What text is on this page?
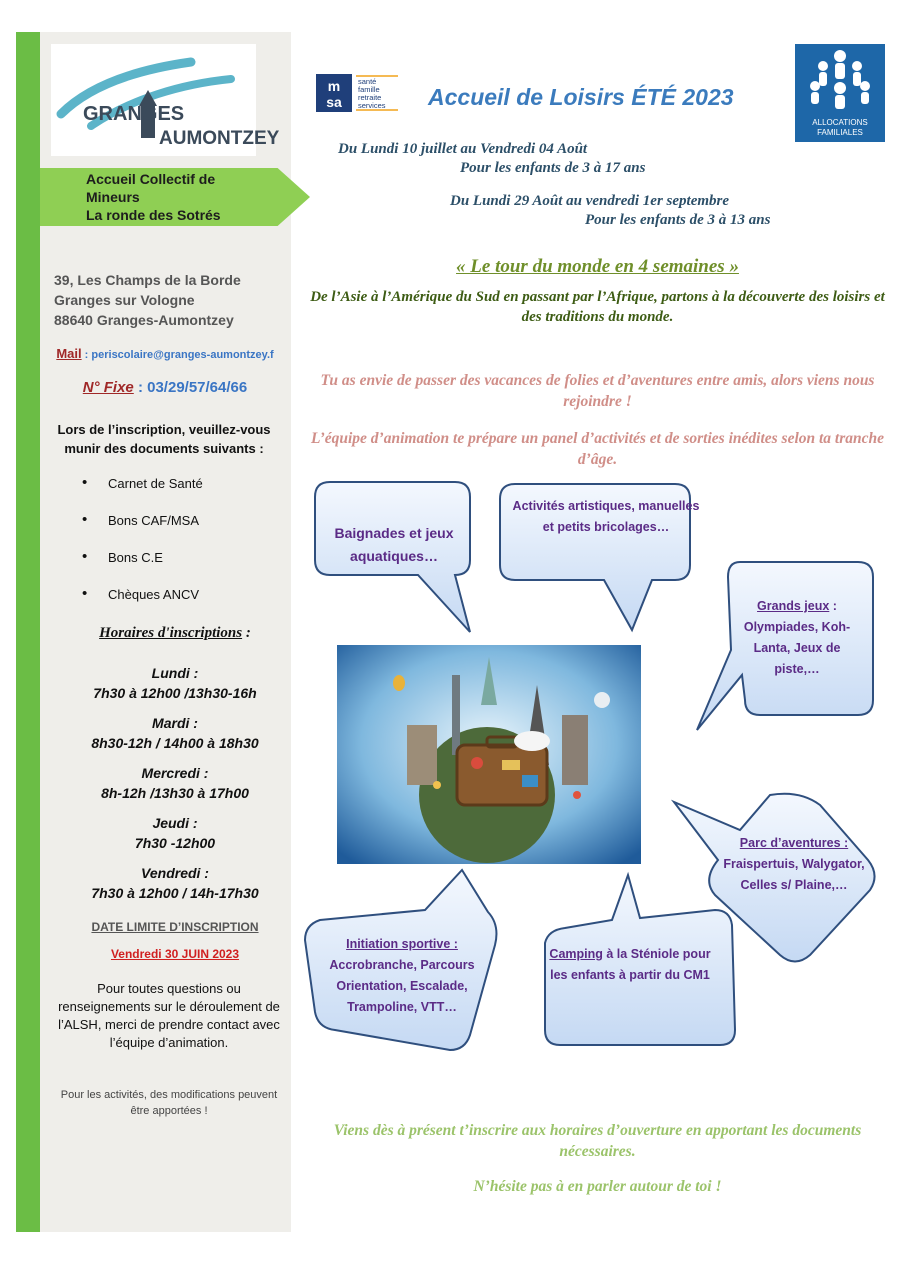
GRANGES
AUMONTZEY
Accueil Collectif de
Mineurs
La ronde des Sotrés
39, Les Champs de la Borde
Granges sur Vologne
88640 Granges-Aumontzey
Mail : periscolaire@granges-aumontzey.f
N° Fixe : 03/29/57/64/66
Lors de l’inscription, veuillez-vous munir des documents suivants :
• Carnet de Santé
• Bons CAF/MSA
• Bons C.E
• Chèques ANCV
Horaires d'inscriptions :
Lundi :
7h30 à 12h00 /13h30-16h
Mardi :
8h30-12h / 14h00 à 18h30
Mercredi :
8h-12h /13h30 à 17h00
Jeudi :
7h30 -12h00
Vendredi :
7h30 à 12h00 / 14h-17h30
DATE LIMITE D’INSCRIPTION
Vendredi 30 JUIN 2023
Pour toutes questions ou renseignements sur le déroulement de l’ALSH, merci de prendre contact avec l’équipe d’animation.
Pour les activités, des modifications peuvent être apportées !
m
sa
santé
famille
retraite
services Accueil de Loisirs ÉTÉ 2023
ALLOCATIONS
FAMILIALES
Du Lundi 10 juillet au Vendredi 04 Août
Pour les enfants de 3 à 17 ans
Du Lundi 29 Août au vendredi 1er septembre
Pour les enfants de 3 à 13 ans
« Le tour du monde en 4 semaines »
De l’Asie à l’Amérique du Sud en passant par l’Afrique, partons à la découverte des loisirs et des traditions du monde.
Tu as envie de passer des vacances de folies et d’aventures entre amis, alors viens nous rejoindre !
L’équipe d’animation te prépare un panel d’activités et de sorties inédites selon ta tranche d’âge.
Baignades et jeux aquatiques…
Activités artistiques, manuelles et petits bricolages…
Grands jeux : Olympiades, Koh-Lanta, Jeux de piste,…
Parc d’aventures :
Fraispertuis, Walygator, Celles s/ Plaine,…
Initiation sportive :
Accrobranche, Parcours Orientation, Escalade, Trampoline, VTT…
Camping à la Sténiole pour les enfants à partir du CM1
Viens dès à présent t’inscrire aux horaires d’ouverture en apportant les documents nécessaires.
N’hésite pas à en parler autour de toi !
